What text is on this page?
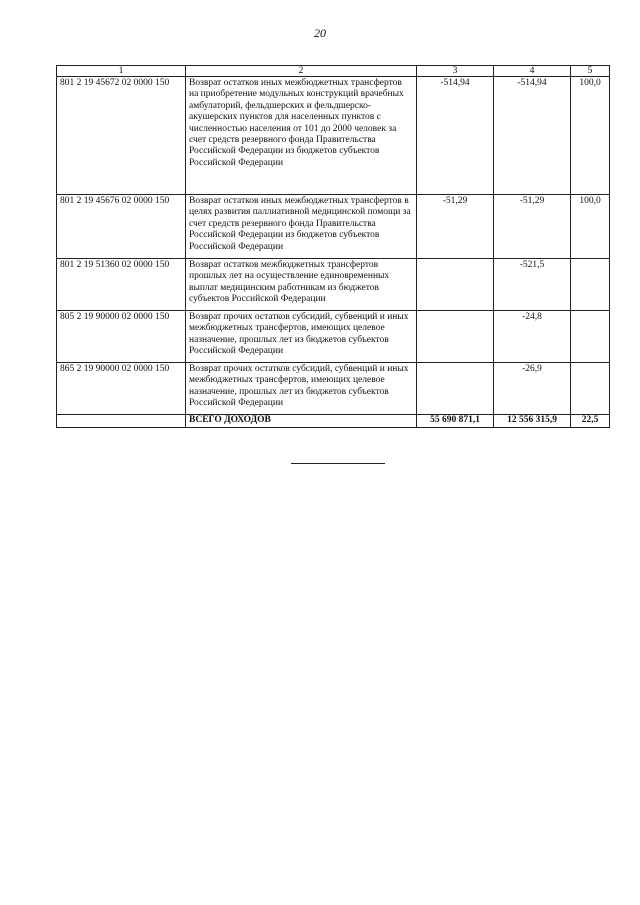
20
1	2	3	4	5
801 2 19 45672 02 0000 150	Возврат остатков иных межбюджетных трансфертов на приобретение модульных конструкций врачебных амбулаторий, фельдшерских и фельдшерско-акушерских пунктов для населенных пунктов с численностью населения от 101 до 2000 человек за счет средств резервного фонда Правительства Российской Федерации из бюджетов субъектов Российской Федерации	-514,94	-514,94	100,0
801 2 19 45676 02 0000 150	Возврат остатков иных межбюджетных трансфертов в целях развития паллиативной медицинской помощи за счет средств резервного фонда Правительства Российской Федерации из бюджетов субъектов Российской Федерации	-51,29	-51,29	100,0
801 2 19 51360 02 0000 150	Возврат остатков межбюджетных трансфертов прошлых лет на осуществление единовременных выплат медицинским работникам из бюджетов субъектов Российской Федерации		-521,5	
805 2 19 90000 02 0000 150	Возврат прочих остатков субсидий, субвенций и иных межбюджетных трансфертов, имеющих целевое назначение, прошлых лет из бюджетов субъектов Российской Федерации		-24,8	
865 2 19 90000 02 0000 150	Возврат прочих остатков субсидий, субвенций и иных межбюджетных трансфертов, имеющих целевое назначение, прошлых лет из бюджетов субъектов Российской Федерации		-26,9	
	ВСЕГО ДОХОДОВ	55 690 871,1	12 556 315,9	22,5
